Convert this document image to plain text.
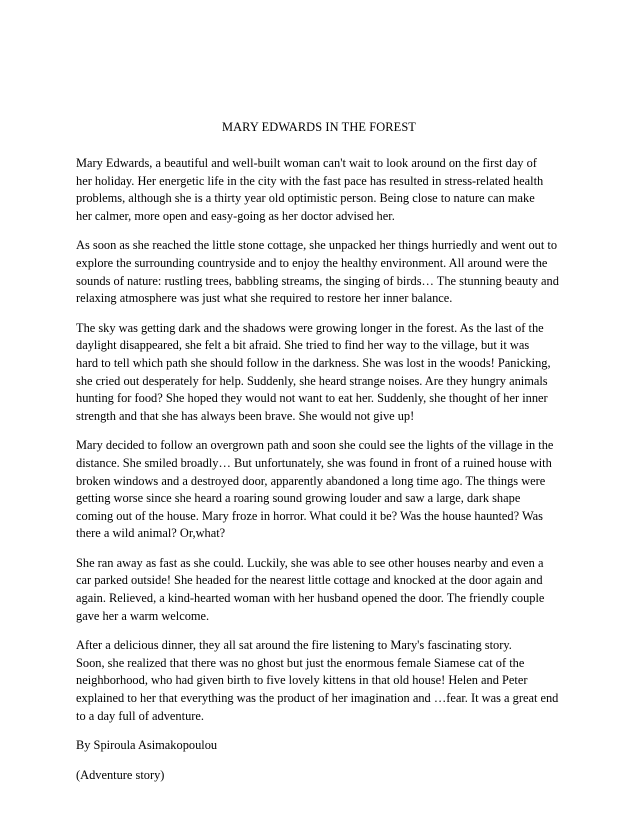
MARY EDWARDS IN THE FOREST

Mary Edwards, a beautiful and well-built woman can't wait to look around on the first day of
her holiday. Her energetic life in the city with the fast pace has resulted in stress-related health
problems, although she is a thirty year old optimistic person. Being close to nature can make
her calmer, more open and easy-going as her doctor advised her.

As soon as she reached the little stone cottage, she unpacked her things hurriedly and went out to
explore the surrounding countryside and to enjoy the healthy environment. All around were the
sounds of nature: rustling trees, babbling streams, the singing of birds… The stunning beauty and
relaxing atmosphere was just what she required to restore her inner balance.

The sky was getting dark and the shadows were growing longer in the forest. As the last of the
daylight disappeared, she felt a bit afraid. She tried to find her way to the village, but it was
hard to tell which path she should follow in the darkness. She was lost in the woods! Panicking,
she cried out desperately for help. Suddenly, she heard strange noises. Are they hungry animals
hunting for food? She hoped they would not want to eat her. Suddenly, she thought of her inner
strength and that she has always been brave. She would not give up!

Mary decided to follow an overgrown path and soon she could see the lights of the village in the
distance. She smiled broadly… But unfortunately, she was found in front of a ruined house with
broken windows and a destroyed door, apparently abandoned a long time ago. The things were
getting worse since she heard a roaring sound growing louder and saw a large, dark shape
coming out of the house. Mary froze in horror. What could it be? Was the house haunted? Was
there a wild animal? Or,what?

She ran away as fast as she could. Luckily, she was able to see other houses nearby and even a
car parked outside! She headed for the nearest little cottage and knocked at the door again and
again. Relieved, a kind-hearted woman with her husband opened the door. The friendly couple
gave her a warm welcome.

After a delicious dinner, they all sat around the fire listening to Mary's fascinating story.
Soon, she realized that there was no ghost but just the enormous female Siamese cat of the
neighborhood, who had given birth to five lovely kittens in that old house! Helen and Peter
explained to her that everything was the product of her imagination and …fear. It was a great end
to a day full of adventure.

By Spiroula Asimakopoulou

(Adventure story)
